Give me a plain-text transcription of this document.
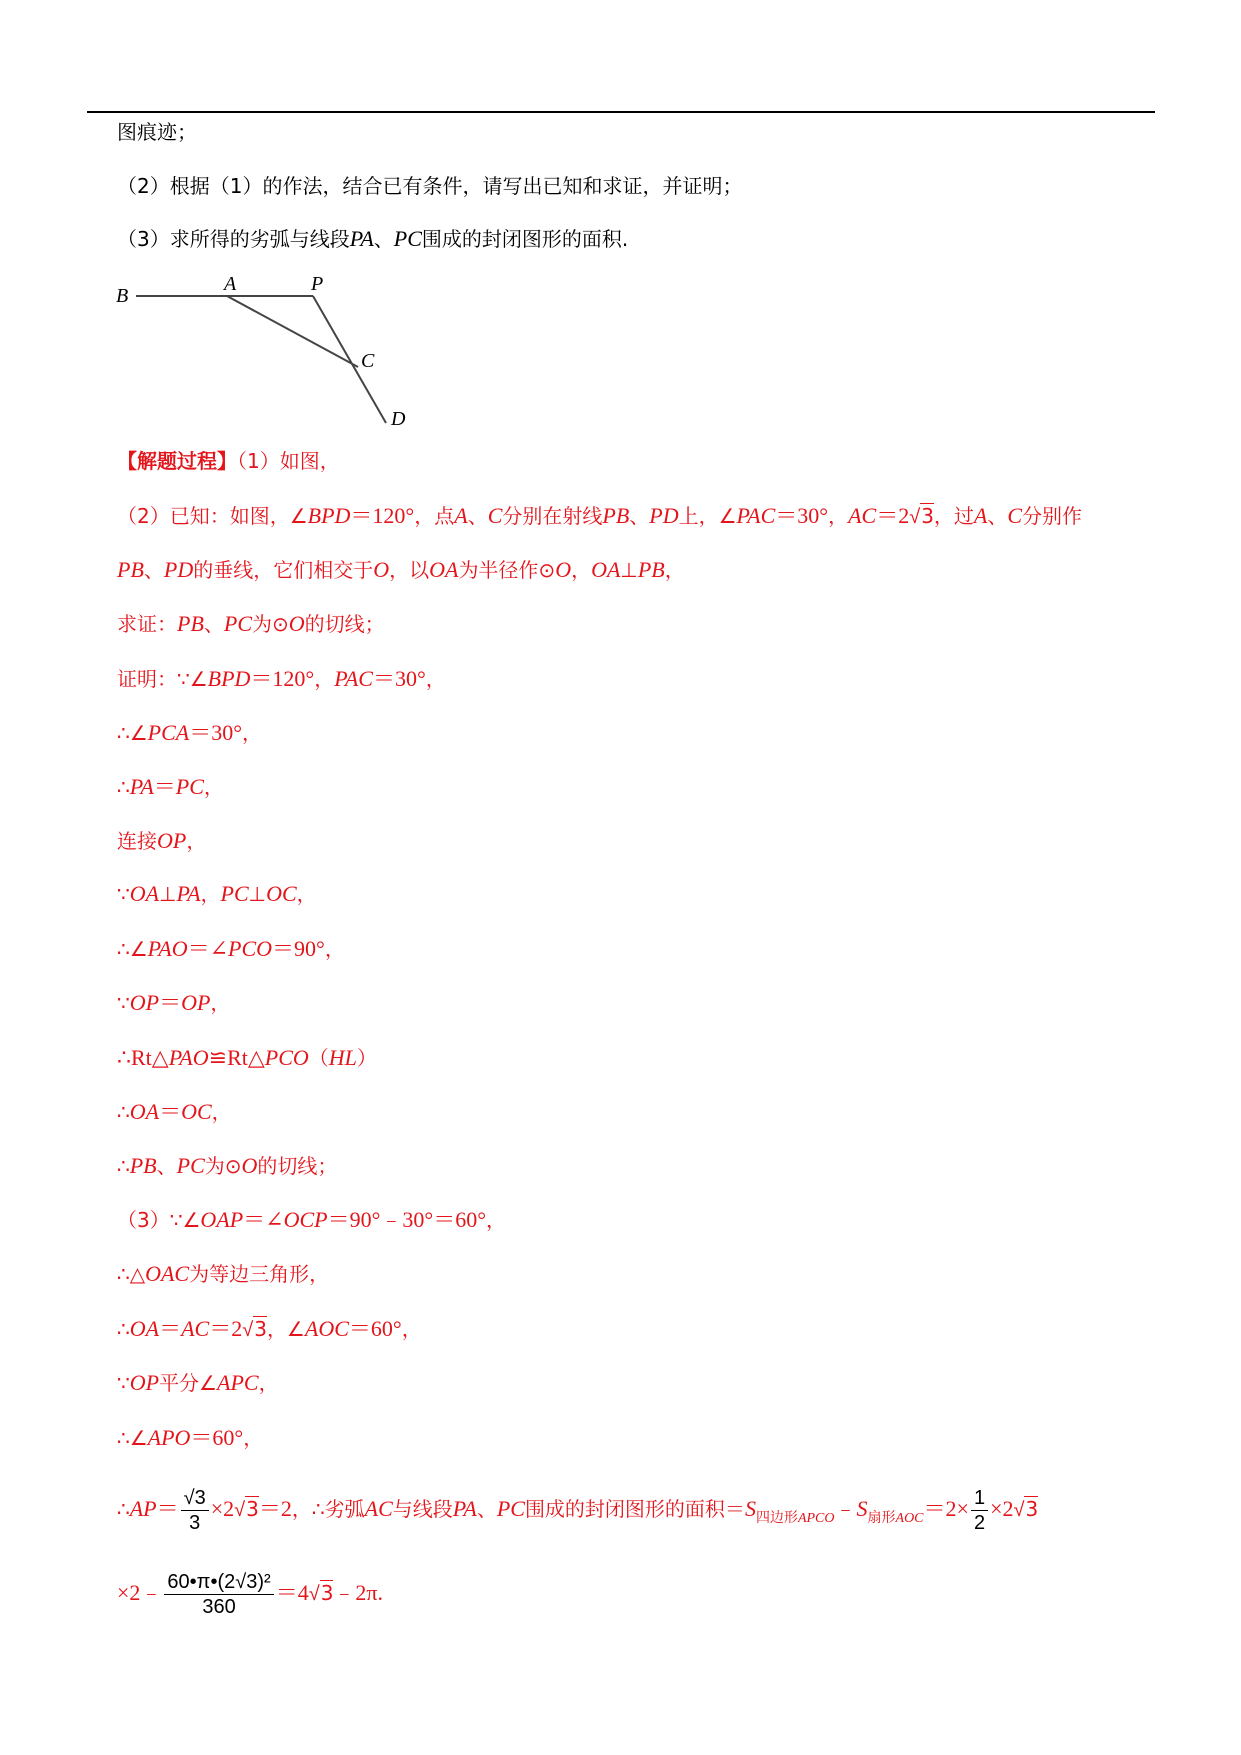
B
A	P
C
D
图痕迹；
（2）根据（1）的作法，结合已有条件，请写出已知和求证，并证明；
（3）求所得的劣弧与线段PA、PC围成的封闭图形的面积.
【解题过程】（1）如图，
（2）已知：如图，∠BPD＝120°，点A、C分别在射线PB、PD上，∠PAC＝30°，AC＝2√3，过A、C分别作
PB、PD的垂线，它们相交于O，以OA为半径作⊙O，OA⊥PB，
求证：PB、PC为⊙O的切线；
证明：∵∠BPD＝120°，PAC＝30°，
∴∠PCA＝30°，
∴PA＝PC，
连接OP，
∵OA⊥PA，PC⊥OC，
∴∠PAO＝∠PCO＝90°，
∵OP＝OP，
∴Rt△PAO≌Rt△PCO（HL）
∴OA＝OC，
∴PB、PC为⊙O的切线；
（3）∵∠OAP＝∠OCP＝90°﹣30°＝60°，
∴△OAC为等边三角形，
∴OA＝AC＝2√3，∠AOC＝60°，
∵OP平分∠APC，
∴∠APO＝60°，
∴AP＝ $\frac{√3}{3} \times 2√3=2$，∴劣弧AC与线段PA、PC围成的封闭图形的面积$=S_{四边形APCO}﹣S_{扇形AOC}=2\times \frac{1}{2} \times 2√3$
×2﹣ $\frac{\text{60•π•(2√3)²}}{360}$ ＝4√3﹣2π.
